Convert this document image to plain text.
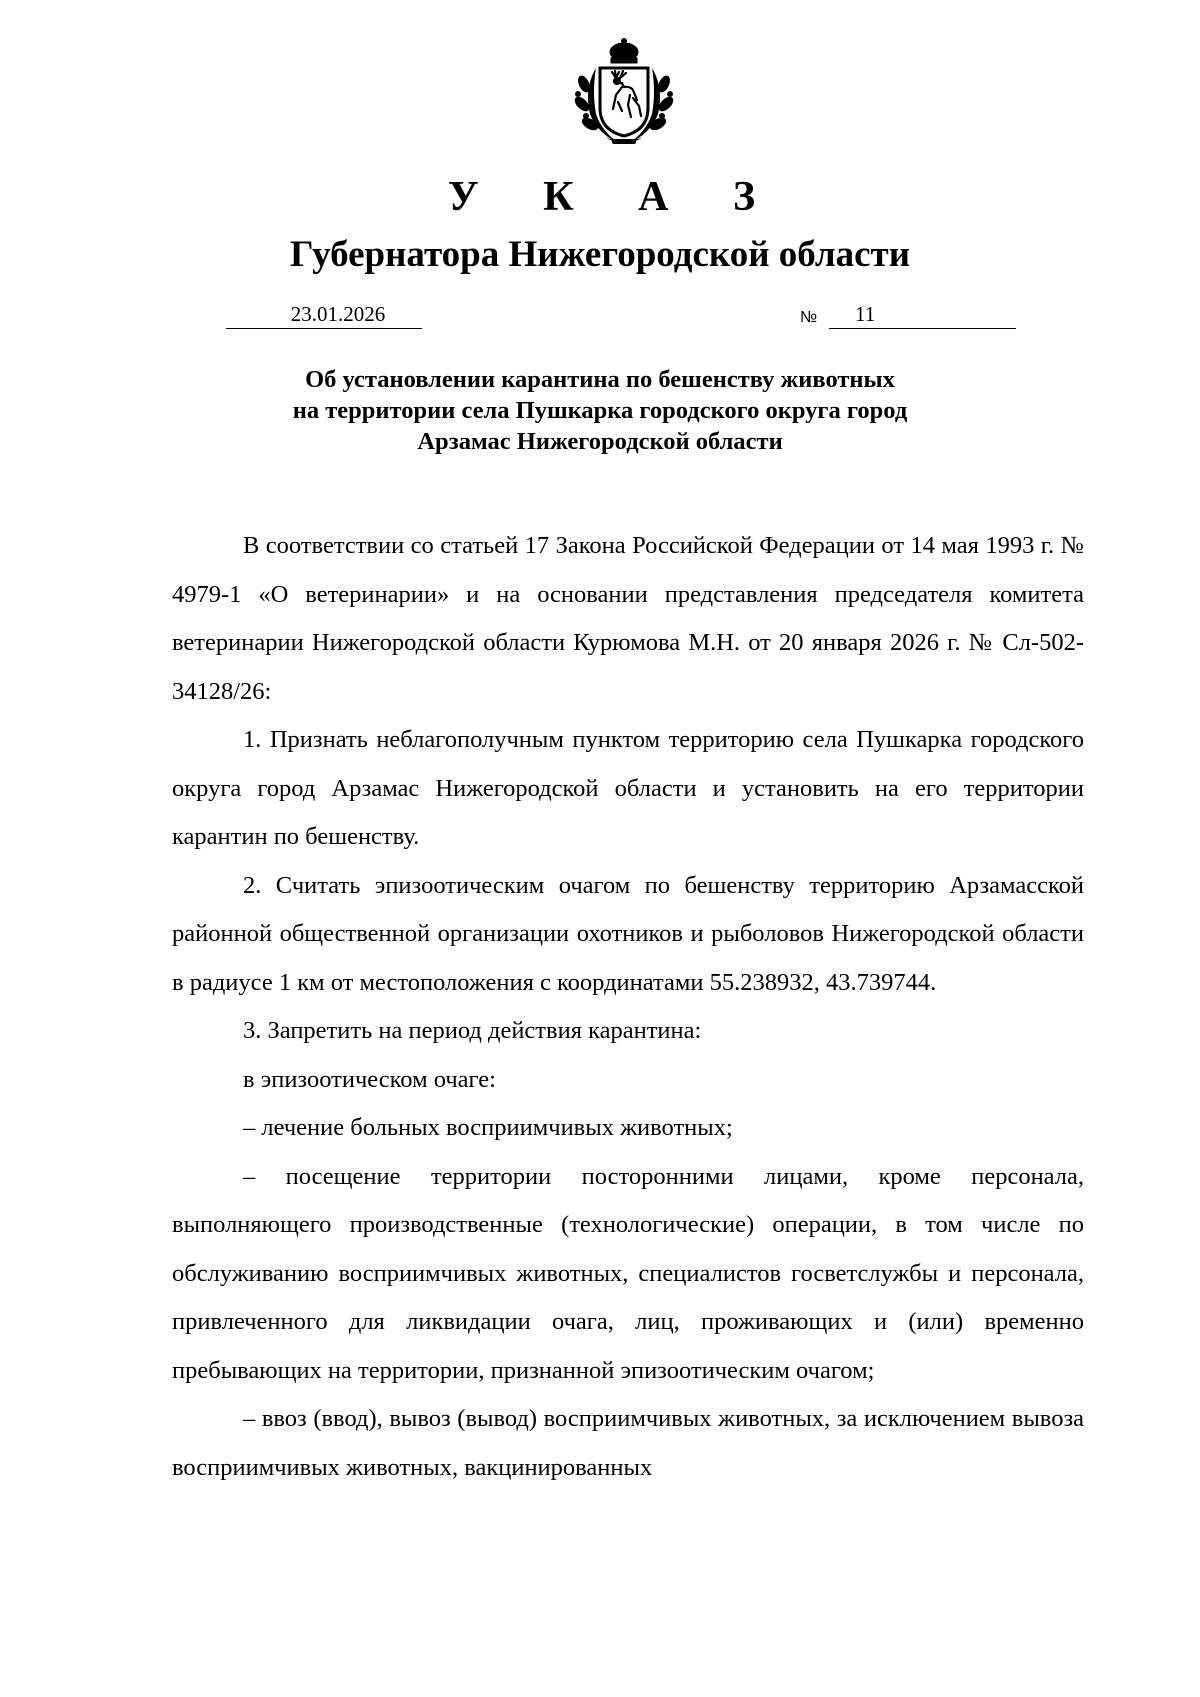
У К А З
Губернатора Нижегородской области
23.01.2026	№	11
Об установлении карантина по бешенству животных
на территории села Пушкарка городского округа город
Арзамас Нижегородской области

В соответствии со статьей 17 Закона Российской Федерации от 14 мая 1993 г. № 4979-1 «О ветеринарии» и на основании представления председателя комитета ветеринарии Нижегородской области Курюмова М.Н. от 20 января 2026 г. № Сл-502-34128/26:

1. Признать неблагополучным пунктом территорию села Пушкарка городского округа город Арзамас Нижегородской области и установить на его территории карантин по бешенству.

2. Считать эпизоотическим очагом по бешенству территорию Арзамасской районной общественной организации охотников и рыболовов Нижегородской области в радиусе 1 км от местоположения с координатами 55.238932, 43.739744.

3. Запретить на период действия карантина:

в эпизоотическом очаге:

– лечение больных восприимчивых животных;

– посещение территории посторонними лицами, кроме персонала, выполняющего производственные (технологические) операции, в том числе по обслуживанию восприимчивых животных, специалистов госветслужбы и персонала, привлеченного для ликвидации очага, лиц, проживающих и (или) временно пребывающих на территории, признанной эпизоотическим очагом;

– ввоз (ввод), вывоз (вывод) восприимчивых животных, за исключением вывоза восприимчивых животных, вакцинированных
